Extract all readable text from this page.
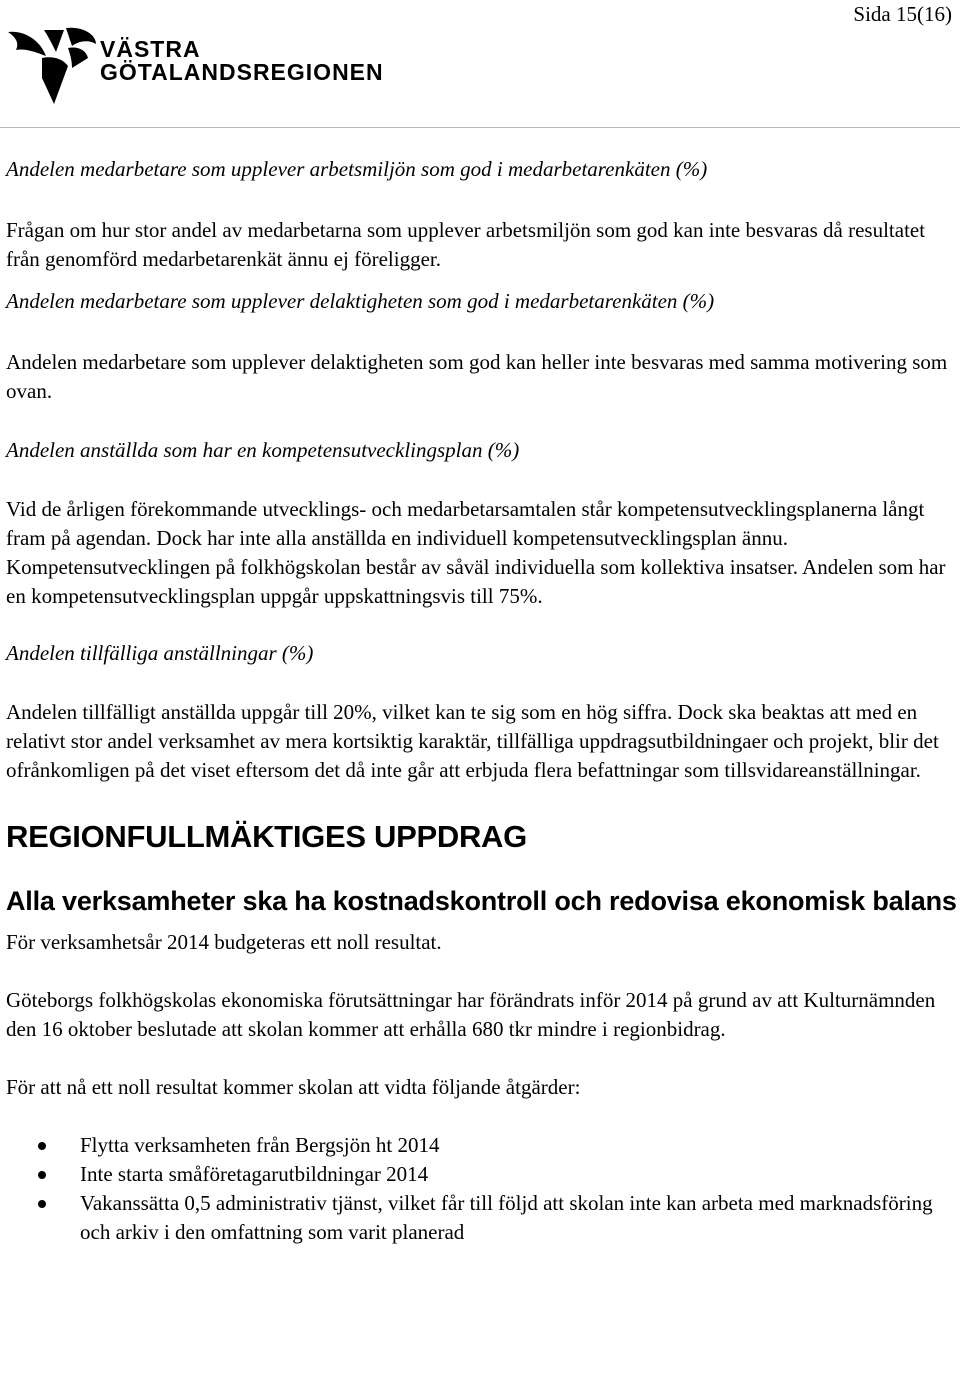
Sida 15(16)
VÄSTRA
GÖTALANDSREGIONEN

Andelen medarbetare som upplever arbetsmiljön som god i medarbetarenkäten (%)

Frågan om hur stor andel av medarbetarna som upplever arbetsmiljön som god kan inte besvaras då resultatet från genomförd medarbetarenkät ännu ej föreligger.

Andelen medarbetare som upplever delaktigheten som god i medarbetarenkäten (%)

Andelen medarbetare som upplever delaktigheten som god kan heller inte besvaras med samma motivering som ovan.

Andelen anställda som har en kompetensutvecklingsplan (%)

Vid de årligen förekommande utvecklings- och medarbetarsamtalen står kompetensutvecklingsplanerna långt fram på agendan. Dock har inte alla anställda en individuell kompetensutvecklingsplan ännu. Kompetensutvecklingen på folkhögskolan består av såväl individuella som kollektiva insatser. Andelen som har en kompetensutvecklingsplan uppgår uppskattningsvis till 75%.

Andelen tillfälliga anställningar (%)

Andelen tillfälligt anställda uppgår till 20%, vilket kan te sig som en hög siffra. Dock ska beaktas att med en relativt stor andel verksamhet av mera kortsiktig karaktär, tillfälliga uppdragsutbildningaer och projekt, blir det ofrånkomligen på det viset eftersom det då inte går att erbjuda flera befattningar som tillsvidareanställningar.

REGIONFULLMÄKTIGES UPPDRAG

Alla verksamheter ska ha kostnadskontroll och redovisa ekonomisk balans

För verksamhetsår 2014 budgeteras ett noll resultat.

Göteborgs folkhögskolas ekonomiska förutsättningar har förändrats inför 2014 på grund av att Kulturnämnden den 16 oktober beslutade att skolan kommer att erhålla 680 tkr mindre i regionbidrag.

För att nå ett noll resultat kommer skolan att vidta följande åtgärder:

Flytta verksamheten från Bergsjön ht 2014
Inte starta småföretagarutbildningar 2014
Vakanssätta 0,5 administrativ tjänst, vilket får till följd att skolan inte kan arbeta med marknadsföring och arkiv i den omfattning som varit planerad
